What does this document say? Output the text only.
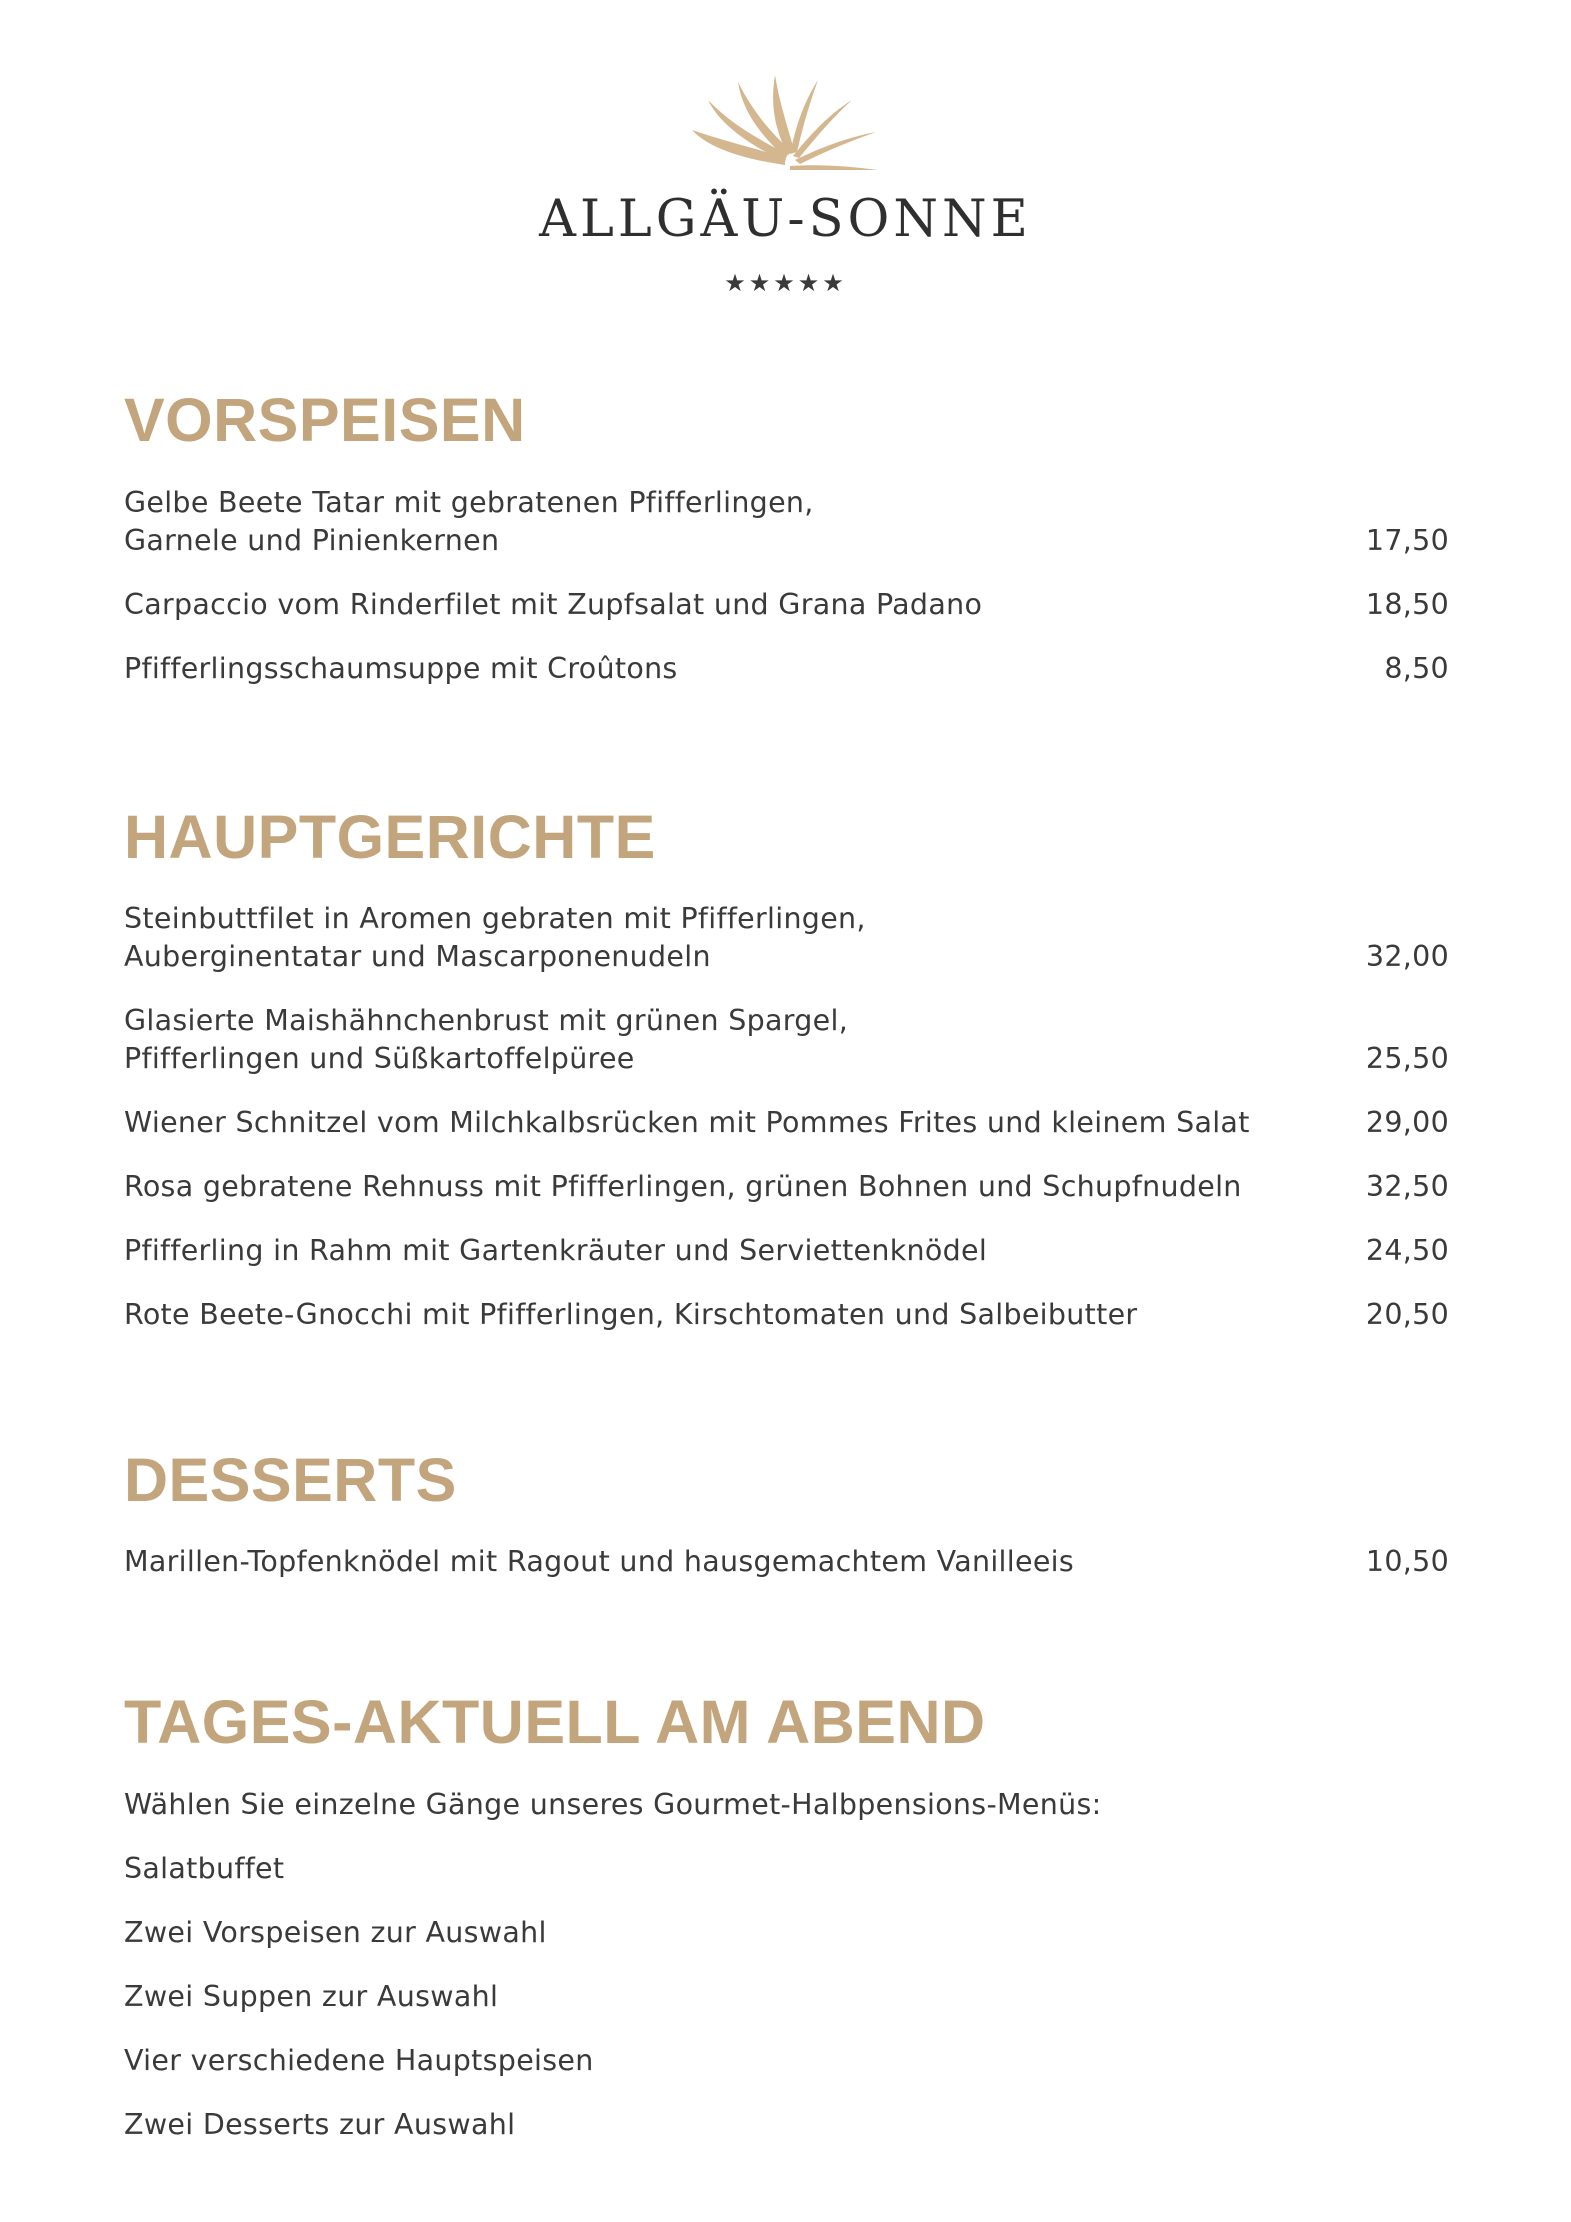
ALLGÄU-SONNE
★★★★★
VORSPEISEN
Gelbe Beete Tatar mit gebratenen Pfifferlingen,
Garnele und Pinienkernen	17,50
Carpaccio vom Rinderfilet mit Zupfsalat und Grana Padano	18,50
Pfifferlingsschaumsuppe mit Croûtons	8,50
HAUPTGERICHTE
Steinbuttfilet in Aromen gebraten mit Pfifferlingen,
Auberginentatar und Mascarponenudeln	32,00
Glasierte Maishähnchenbrust mit grünen Spargel,
Pfifferlingen und Süßkartoffelpüree	25,50
Wiener Schnitzel vom Milchkalbsrücken mit Pommes Frites und kleinem Salat	29,00
Rosa gebratene Rehnuss mit Pfifferlingen, grünen Bohnen und Schupfnudeln	32,50
Pfifferling in Rahm mit Gartenkräuter und Serviettenknödel	24,50
Rote Beete-Gnocchi mit Pfifferlingen, Kirschtomaten und Salbeibutter	20,50
DESSERTS
Marillen-Topfenknödel mit Ragout und hausgemachtem Vanilleeis	10,50
TAGES-AKTUELL AM ABEND
Wählen Sie einzelne Gänge unseres Gourmet-Halbpensions-Menüs:
Salatbuffet
Zwei Vorspeisen zur Auswahl
Zwei Suppen zur Auswahl
Vier verschiedene Hauptspeisen
Zwei Desserts zur Auswahl
